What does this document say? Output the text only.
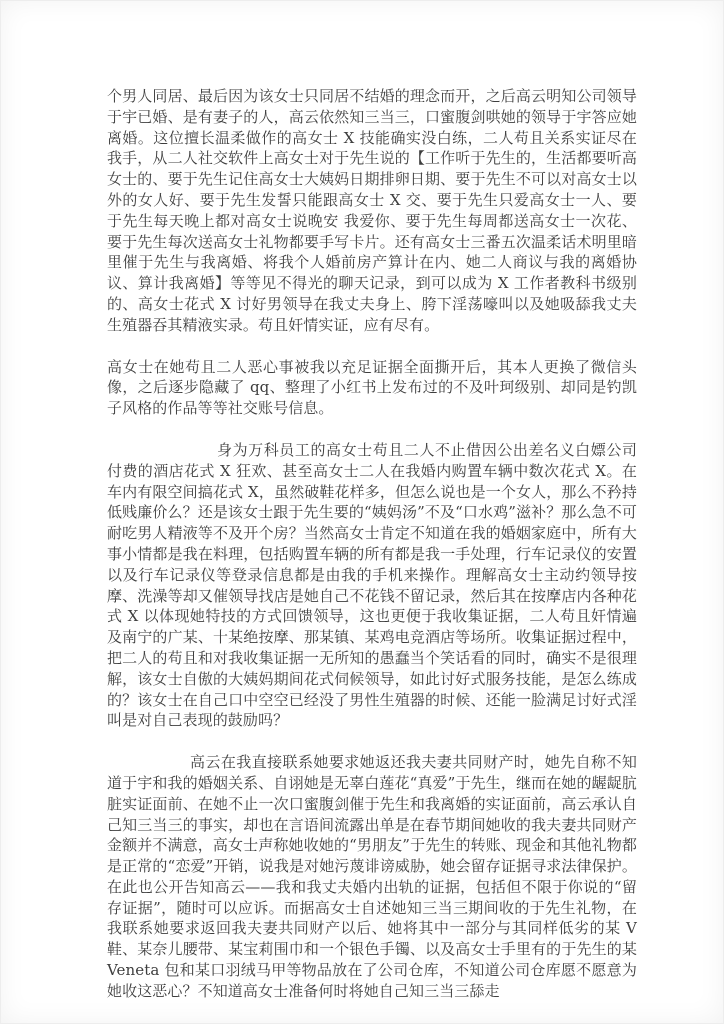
个男人同居、最后因为该女士只同居不结婚的理念而开，之后高云明知公司领导于宇已婚、是有妻子的人，高云依然知三当三，口蜜腹剑哄她的领导于宇答应她离婚。这位擅长温柔做作的高女士 X 技能确实没白练，二人苟且关系实证尽在我手，从二人社交软件上高女士对于先生说的【工作听于先生的，生活都要听高女士的、要于先生记住高女士大姨妈日期排卵日期、要于先生不可以对高女士以外的女人好、要于先生发誓只能跟高女士 X 交、要于先生只爱高女士一人、要于先生每天晚上都对高女士说晚安 我爱你、要于先生每周都送高女士一次花、要于先生每次送高女士礼物都要手写卡片。还有高女士三番五次温柔话术明里暗里催于先生与我离婚、将我个人婚前房产算计在内、她二人商议与我的离婚协议、算计我离婚】等等见不得光的聊天记录，到可以成为 X 工作者教科书级别的、高女士花式 X 讨好男领导在我丈夫身上、胯下淫荡嚎叫以及她吸舔我丈夫生殖器吞其精液实录。苟且奸情实证，应有尽有。

高女士在她苟且二人恶心事被我以充足证据全面撕开后，其本人更换了微信头像，之后逐步隐藏了 qq、整理了小红书上发布过的不及叶珂级别、却同是钓凯子风格的作品等等社交账号信息。

身为万科员工的高女士苟且二人不止借因公出差名义白嫖公司付费的酒店花式 X 狂欢、甚至高女士二人在我婚内购置车辆中数次花式 X。在车内有限空间搞花式 X，虽然破鞋花样多，但怎么说也是一个女人，那么不矜持低贱廉价么？还是该女士跟于先生要的“姨妈汤”不及“口水鸡”滋补？那么急不可耐吃男人精液等不及开个房？当然高女士肯定不知道在我的婚姻家庭中，所有大事小情都是我在料理，包括购置车辆的所有都是我一手处理，行车记录仪的安置以及行车记录仪等登录信息都是由我的手机来操作。理解高女士主动约领导按摩、洗澡等却又催领导找店是她自己不花钱不留记录，然后其在按摩店内各种花式 X 以体现她特技的方式回馈领导，这也更便于我收集证据，二人苟且奸情遍及南宁的广某、十某绝按摩、那某镇、某鸡电竞酒店等场所。收集证据过程中，把二人的苟且和对我收集证据一无所知的愚蠢当个笑话看的同时，确实不是很理解，该女士自傲的大姨妈期间花式伺候领导，如此讨好式服务技能，是怎么练成的？该女士在自己口中空空已经没了男性生殖器的时候、还能一脸满足讨好式淫叫是对自己表现的鼓励吗？

高云在我直接联系她要求她返还我夫妻共同财产时，她先自称不知道于宇和我的婚姻关系、自诩她是无辜白莲花“真爱”于先生，继而在她的龌龊肮脏实证面前、在她不止一次口蜜腹剑催于先生和我离婚的实证面前，高云承认自己知三当三的事实，却也在言语间流露出单是在春节期间她收的我夫妻共同财产金额并不满意，高女士声称她收她的“男朋友”于先生的转账、现金和其他礼物都是正常的“恋爱”开销，说我是对她污蔑诽谤威胁，她会留存证据寻求法律保护。在此也公开告知高云——我和我丈夫婚内出轨的证据，包括但不限于你说的“留存证据”，随时可以应诉。而据高女士自述她知三当三期间收的于先生礼物，在我联系她要求返回我夫妻共同财产以后、她将其中一部分与其同样低劣的某 V 鞋、某奈儿腰带、某宝莉围巾和一个银色手镯、以及高女士手里有的于先生的某 Veneta 包和某口羽绒马甲等物品放在了公司仓库，不知道公司仓库愿不愿意为她收这恶心？不知道高女士准备何时将她自己知三当三舔走
